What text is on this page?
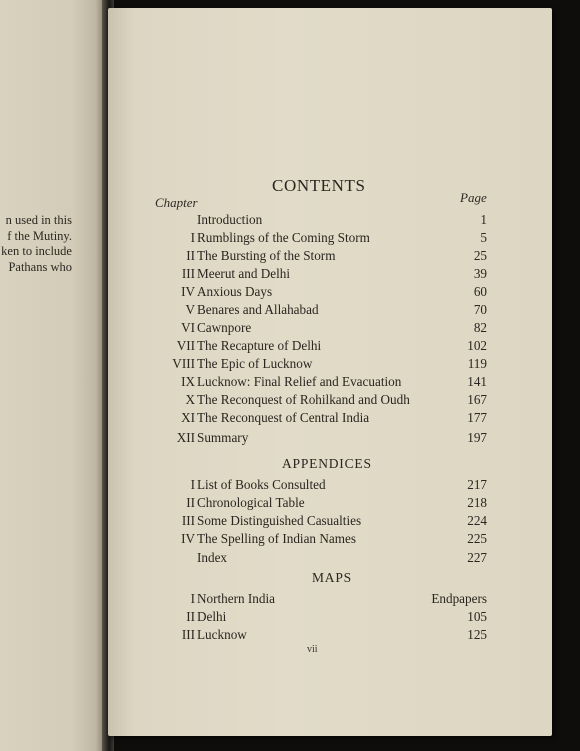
n used in this
f the Mutiny.
ken to include
Pathans who
CONTENTS
Chapter	Page
Introduction	1
I Rumblings of the Coming Storm	5
II The Bursting of the Storm	25
III Meerut and Delhi	39
IV Anxious Days	60
V Benares and Allahabad	70
VI Cawnpore	82
VII The Recapture of Delhi	102
VIII The Epic of Lucknow	119
IX Lucknow: Final Relief and Evacuation	141
X The Reconquest of Rohilkand and Oudh	167
XI The Reconquest of Central India	177
XII Summary	197
APPENDICES
I List of Books Consulted	217
II Chronological Table	218
III Some Distinguished Casualties	224
IV The Spelling of Indian Names	225
Index	227
MAPS
I Northern India	Endpapers
II Delhi	105
III Lucknow	125
vii
